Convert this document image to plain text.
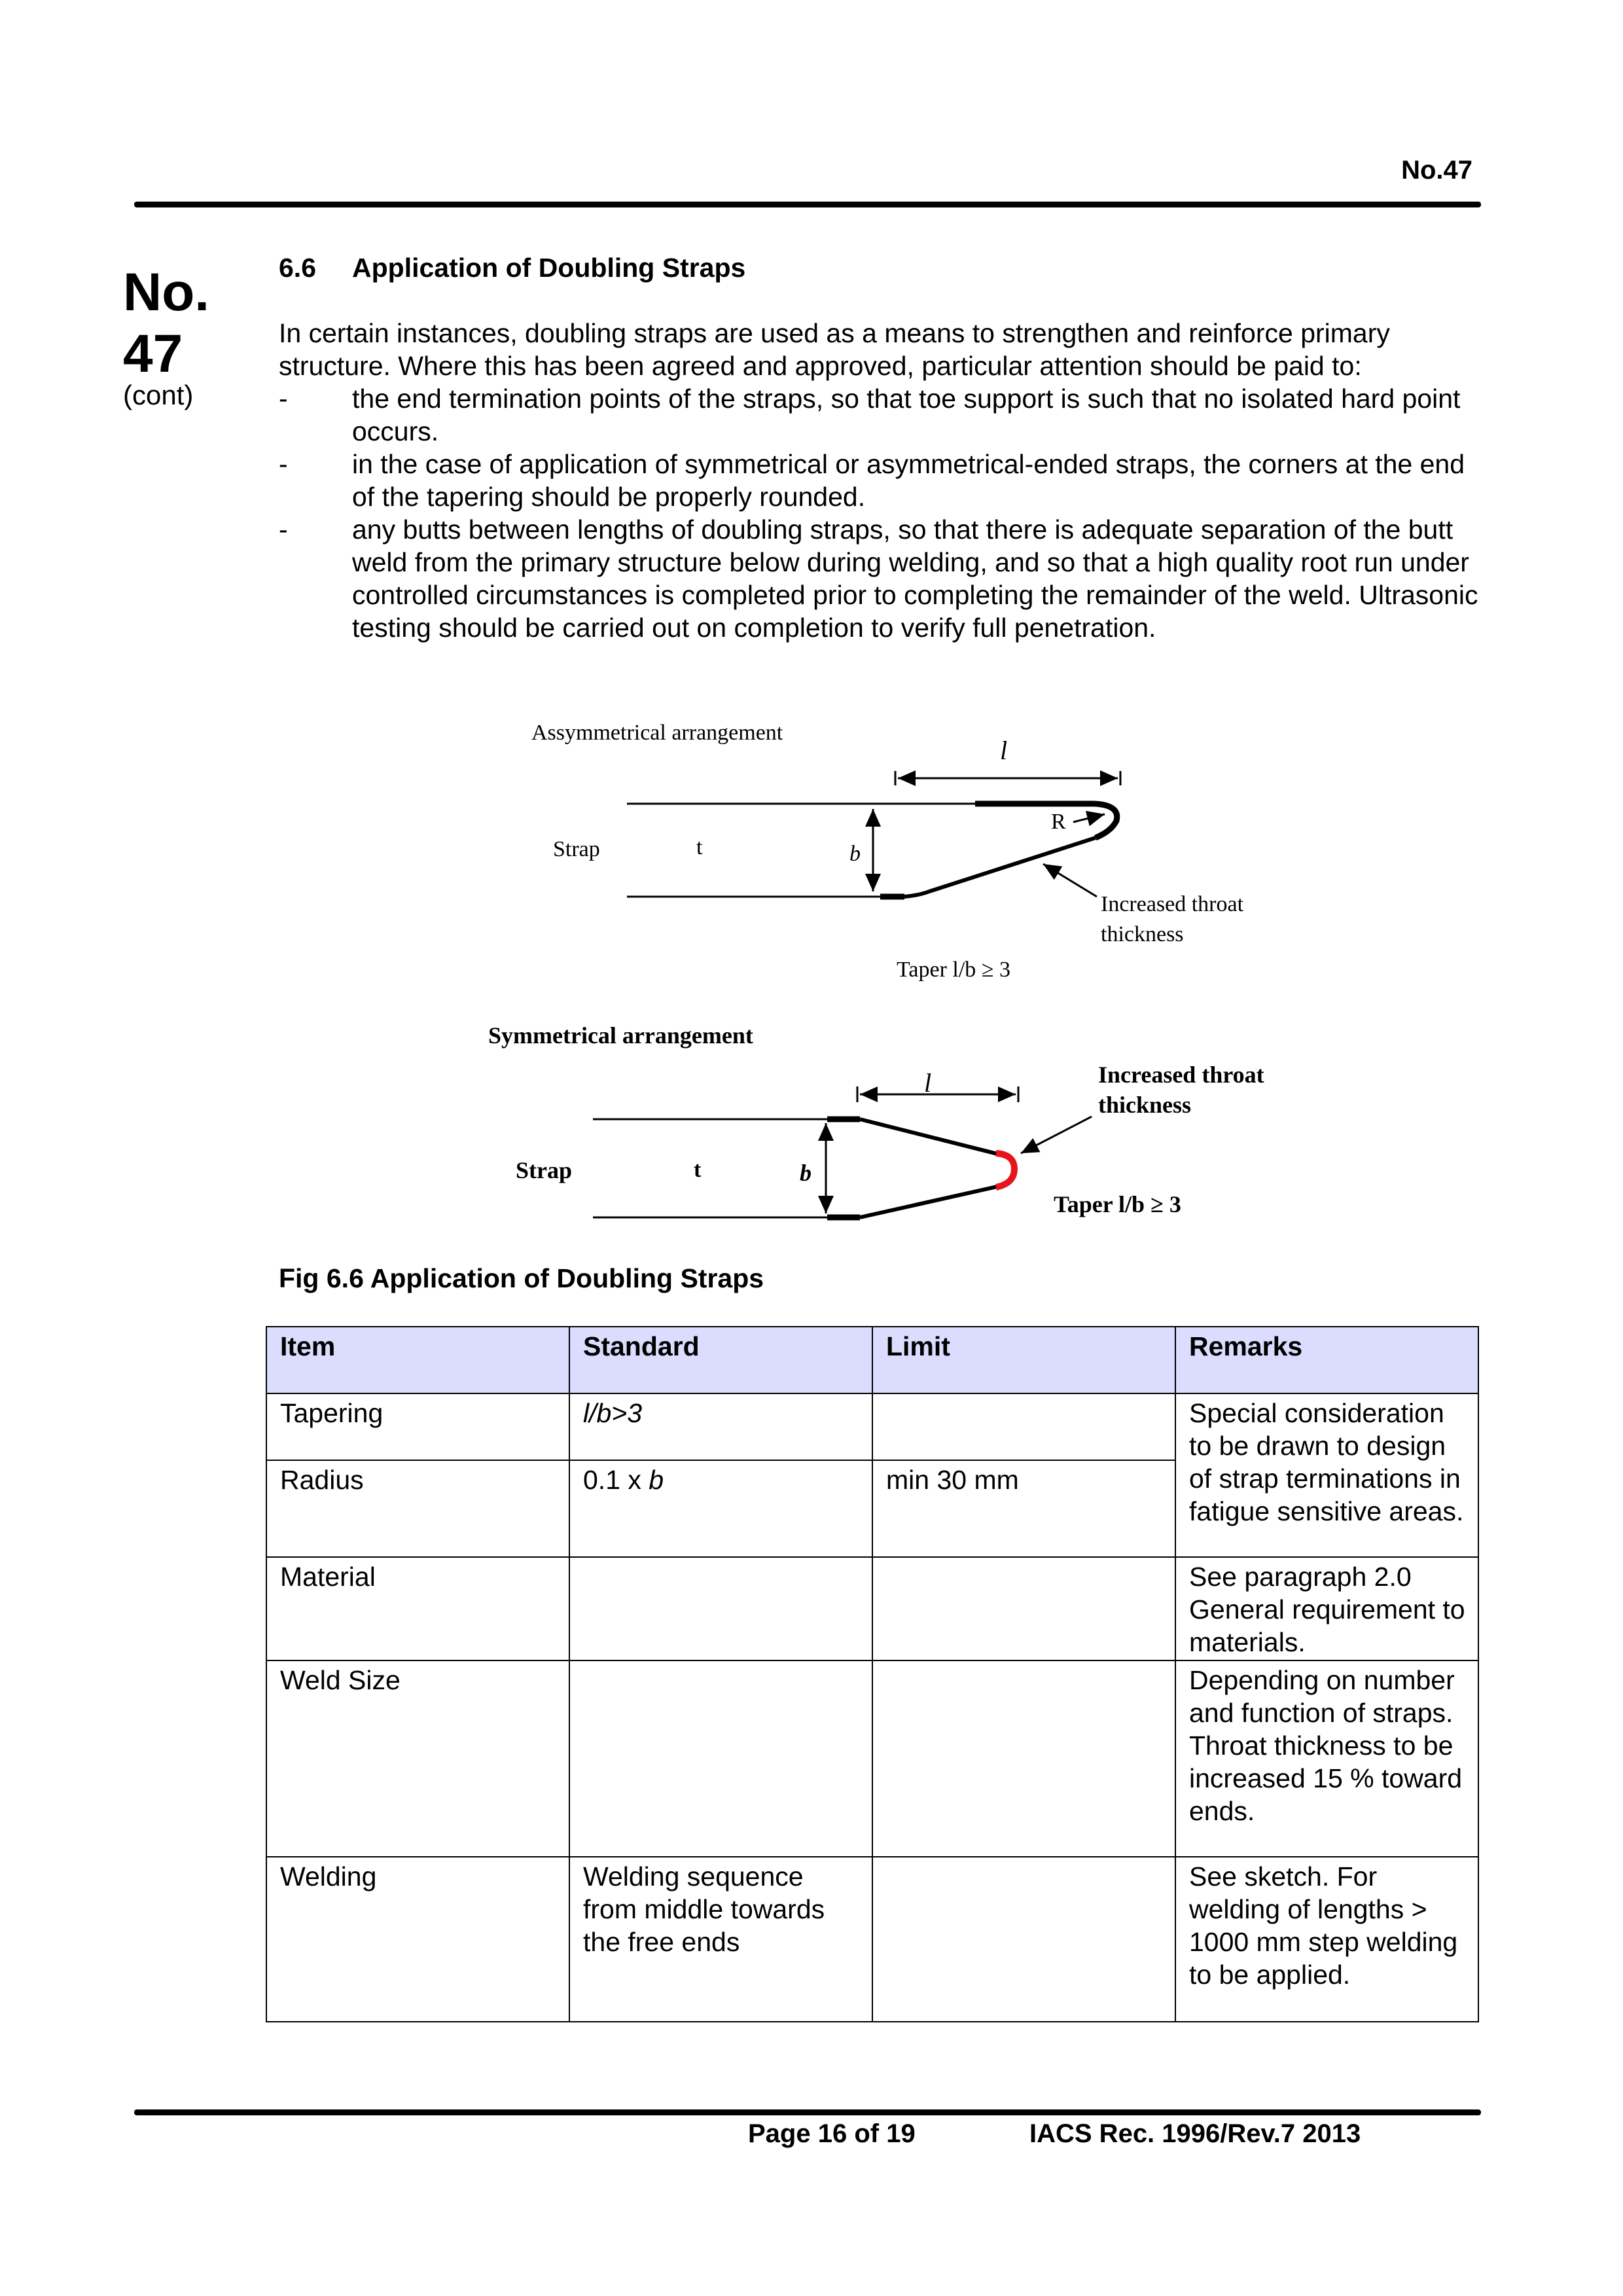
No.47
No.
47
(cont)
6.6 Application of Doubling Straps
In certain instances, doubling straps are used as a means to strengthen and reinforce primary structure. Where this has been agreed and approved, particular attention should be paid to:
- the end termination points of the straps, so that toe support is such that no isolated hard point occurs.
- in the case of application of symmetrical or asymmetrical-ended straps, the corners at the end of the tapering should be properly rounded.
- any butts between lengths of doubling straps, so that there is adequate separation of the butt weld from the primary structure below during welding, and so that a high quality root run under controlled circumstances is completed prior to completing the remainder of the weld. Ultrasonic testing should be carried out on completion to verify full penetration.
Assymmetrical arrangement
Strap	t	b
l
R
Increased throat
thickness
Taper l/b ≥ 3
Symmetrical arrangement
Strap	t	b
l	Increased throat
thickness
Taper l/b ≥ 3
Fig 6.6 Application of Doubling Straps
Item	Standard	Limit	Remarks
Tapering	l/b>3		Special consideration to be drawn to design of strap terminations in fatigue sensitive areas.
Radius	0.1 x b	min 30 mm	
Material			See paragraph 2.0 General requirement to materials.
Weld Size			Depending on number and function of straps.
Throat thickness to be increased 15 % toward ends.

Welding	Welding sequence from middle towards the free ends		See sketch. For welding of lengths > 1000 mm step welding to be applied.
Page 16 of 19	IACS Rec. 1996/Rev.7 2013
